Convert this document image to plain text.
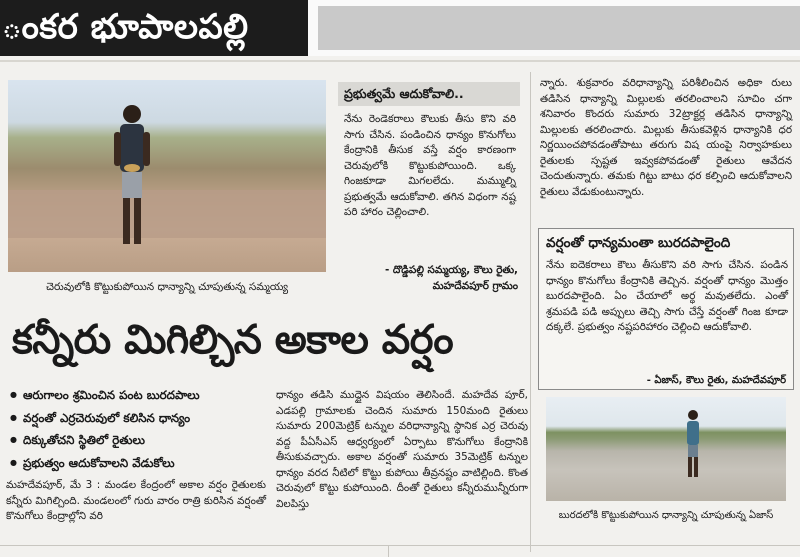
ంకర భూపాలపల్లి
చెరువులోకి కొట్టుకుపోయిన ధాన్యాన్ని చూపుతున్న సమ్మయ్య
ప్రభుత్వమే ఆదుకోవాలి..
నేను రెండెకరాలు కౌలుకు తీసు కొని వరి సాగు చేసిన. పండించిన ధాన్యం కొనుగోలు కేంద్రానికి తీసుక వస్తే వర్షం కారణంగా చెరువులోకి కొట్టుకుపోయింది. ఒక్క గింజకూడా మిగలలేదు. మమ్ముల్ని ప్రభుత్వమే ఆదుకోవాలి. తగిన విధంగా నష్ట పరి హారం చెల్లించాలి.
- దొడ్డిపల్లి సమ్మయ్య, కౌలు రైతు, మహదేవపూర్ గ్రామం
న్నారు. శుక్రవారం వరిధాన్యాన్ని పరిశీలించిన అధికా రులు తడిసిన ధాన్యాన్ని మిల్లులకు తరలించాలని సూచిం చగా శనివారం కొందరు సుమారు 32ట్రాక్టర్ల తడిసిన ధాన్యాన్ని మిల్లులకు తరలించారు. మిల్లుకు తీసుకవెళ్లిన ధాన్యానికి ధర నిర్ణయించపోవడంతోపాటు తరుగు విష యంపై నిర్వాహకులు రైతులకు స్పష్టత ఇవ్వకపోవడంతో రైతులు ఆవేదన చెందుతున్నారు. తమకు గిట్టు బాటు ధర కల్పించి ఆదుకోవాలని రైతులు వేడుకుంటున్నారు.
వర్షంతో ధాన్యమంతా బురదపాలైంది
నేను ఐదెకరాలు కౌలు తీసుకొని వరి సాగు చేసిన. పండిన ధాన్యం కొనుగోలు కేంద్రానికి తెచ్చిన. వర్షంతో ధాన్యం మొత్తం బురదపాలైంది. ఏం చేయాలో అర్థ మవుతలేదు. ఎంతో శ్రమపడి పడి అప్పులు తెచ్చి సాగు చేస్తే వర్షంతో గింజ కూడా దక్కలే. ప్రభుత్వం నష్టపరిహారం చెల్లించి ఆదుకోవాలి.
- ఏజాస్, కౌలు రైతు, మహదేవపూర్
బురదలోకి కొట్టుకుపోయిన ధాన్యాన్ని చూపుతున్న ఏజాస్
కన్నీరు మిగిల్చిన అకాల వర్షం
● ఆరుగాలం శ్రమించిన పంట బురదపాలు
● వర్షంతో ఎర్రచెరువులో కలిసిన ధాన్యం
● దిక్కుతోచని స్థితిలో రైతులు
● ప్రభుత్వం ఆదుకోవాలని వేడుకోలు
మహదేవపూర్, మే 3 : మండల కేంద్రంలో అకాల వర్షం రైతులకు కన్నీరు మిగిల్చింది. మండలంలో గురు వారం రాత్రి కురిసిన వర్షంతో కొనుగోలు కేంద్రాల్లోని వరి
ధాన్యం తడిసి ముద్దైన విషయం తెలిసిందే. మహదేవ పూర్, ఎడపల్లి గ్రామాలకు చెందిన సుమారు 150మంది రైతులు సుమారు 200మెట్రిక్ టన్నుల వరిధాన్యాన్ని స్థానిక ఎర్ర చెరువు వద్ద పీఏసీఎస్ ఆధ్వర్యంలో ఏర్పాటు కొనుగోలు కేంద్రానికి తీసుకువచ్చారు. అకాల వర్షంతో సుమారు 35మెట్రిక్ టన్నుల ధాన్యం వరద నీటిలో కొట్టు కుపోయి తీవ్రనష్టం వాటిల్లింది. కొంత చెరువులో కొట్టు కుపోయింది. దీంతో రైతులు కన్నీరుమున్నీరుగా విలపిస్తు
